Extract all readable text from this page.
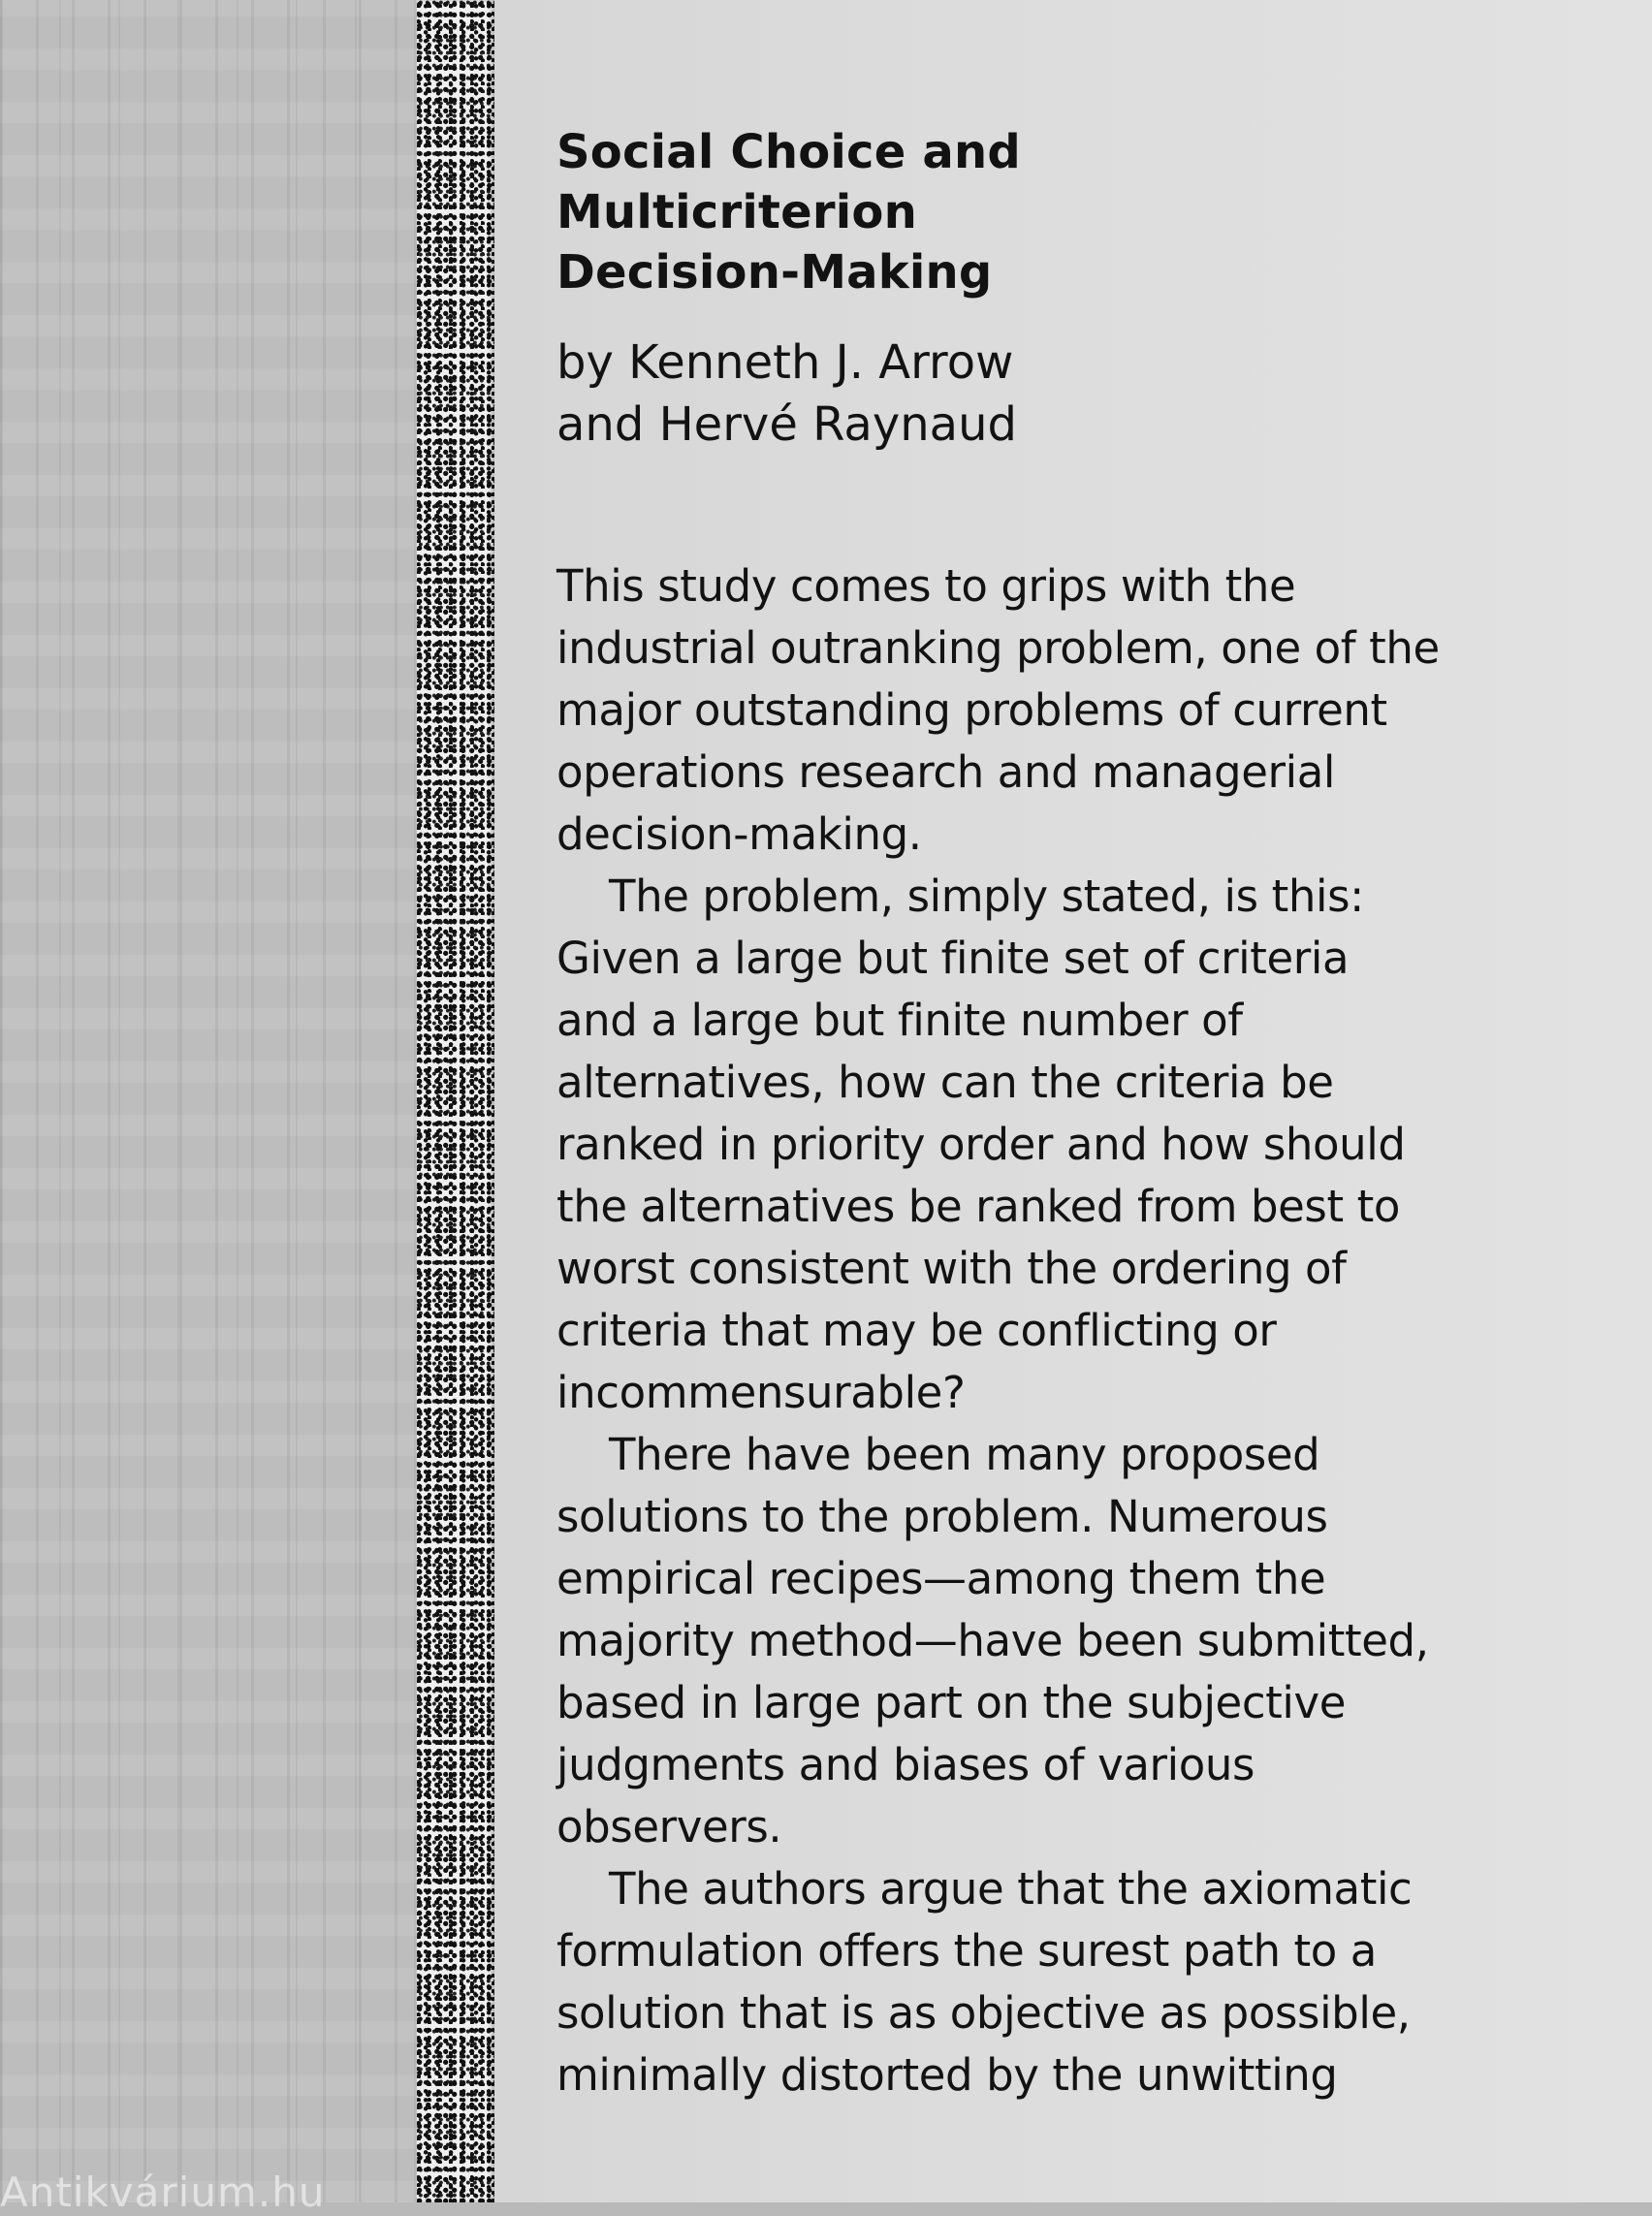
Antikvárium.hu
Social Choice and
Multicriterion
Decision-Making

by Kenneth J. Arrow
and Hervé Raynaud

This study comes to grips with the
industrial outranking problem, one of the
major outstanding problems of current
operations research and managerial
decision-making.
The problem, simply stated, is this:
Given a large but finite set of criteria
and a large but finite number of
alternatives, how can the criteria be
ranked in priority order and how should
the alternatives be ranked from best to
worst consistent with the ordering of
criteria that may be conflicting or
incommensurable?
There have been many proposed
solutions to the problem. Numerous
empirical recipes—among them the
majority method—have been submitted,
based in large part on the subjective
judgments and biases of various
observers.
The authors argue that the axiomatic
formulation offers the surest path to a
solution that is as objective as possible,
minimally distorted by the unwitting
